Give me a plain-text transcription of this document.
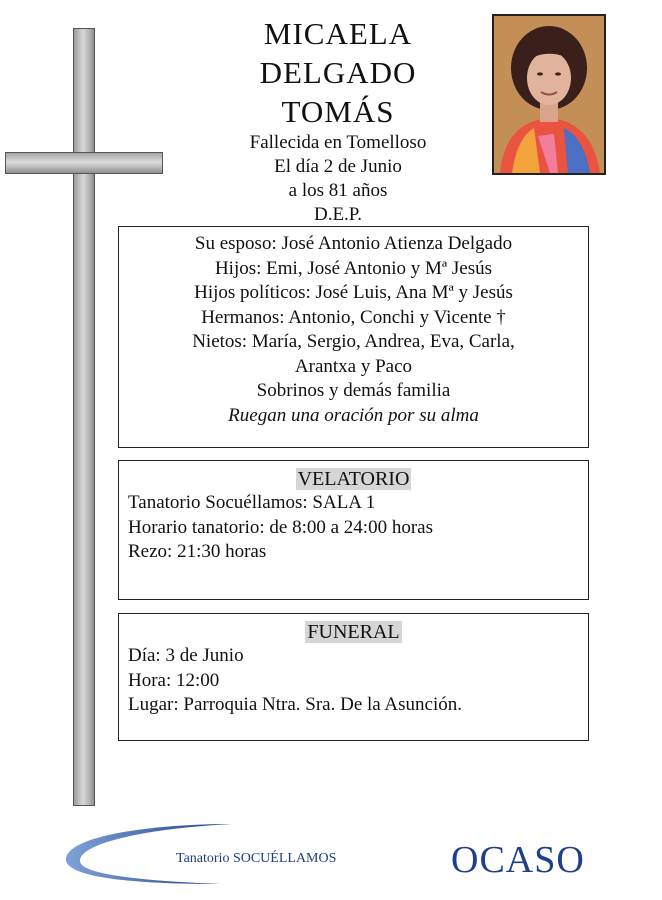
MICAELA
DELGADO TOMÁS
Fallecida en Tomelloso
El día 2 de Junio
a los 81 años
D.E.P.
Su esposo: José Antonio Atienza Delgado
Hijos: Emi, José Antonio y Mª Jesús
Hijos políticos: José Luis, Ana Mª y Jesús
Hermanos: Antonio, Conchi y Vicente †
Nietos: María, Sergio, Andrea, Eva, Carla,
Arantxa y Paco
Sobrinos y demás familia
Ruegan una oración por su alma
VELATORIO
Tanatorio Socuéllamos: SALA 1
Horario tanatorio: de 8:00 a 24:00 horas
Rezo: 21:30 horas
FUNERAL
Día: 3 de Junio
Hora: 12:00
Lugar: Parroquia Ntra. Sra. De la Asunción.
Tanatorio SOCUÉLLAMOS	OCASO
